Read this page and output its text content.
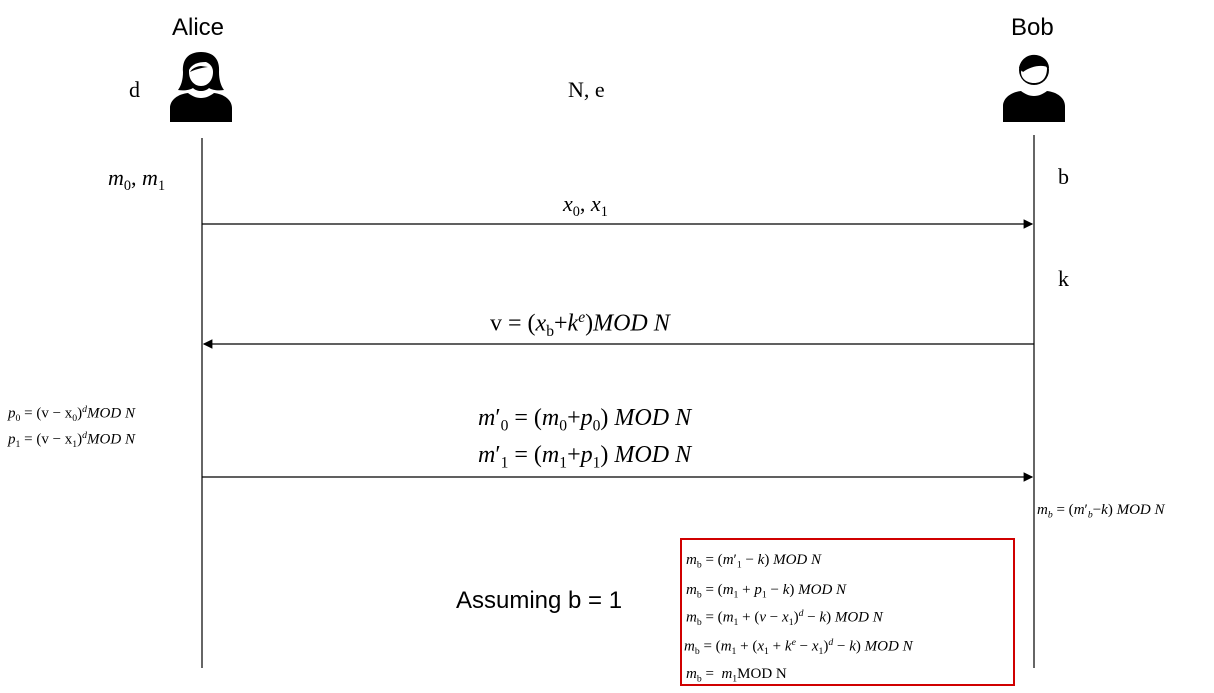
Alice	Bob
d	N, e
$m_0$, $m_1$	b
k
$x_0$, $x_1$
$v = (x_b+k^e)MOD$ N
$p_0 = (v - x_0)^dMOD$ N
$p_1 = (v - x_1)^dMOD$ N
$m'_0 = (m_0+p_0)$ MOD N
$m'_1 = (m_1+p_1)$ MOD N
$m_b = (m'_b-k)$ MOD N
Assuming b = 1
$m_b = (m'_1 - k)$ MOD N
$m_b = (m_1 + p_1 - k)$ MOD N
$m_b = (m_1 + (v - x_1)^d - k)$ MOD N
$m_b = (m_1 + (x_1 + k^e - x_1)^d - k)$ MOD N
$m_b = m_1MOD$ N
